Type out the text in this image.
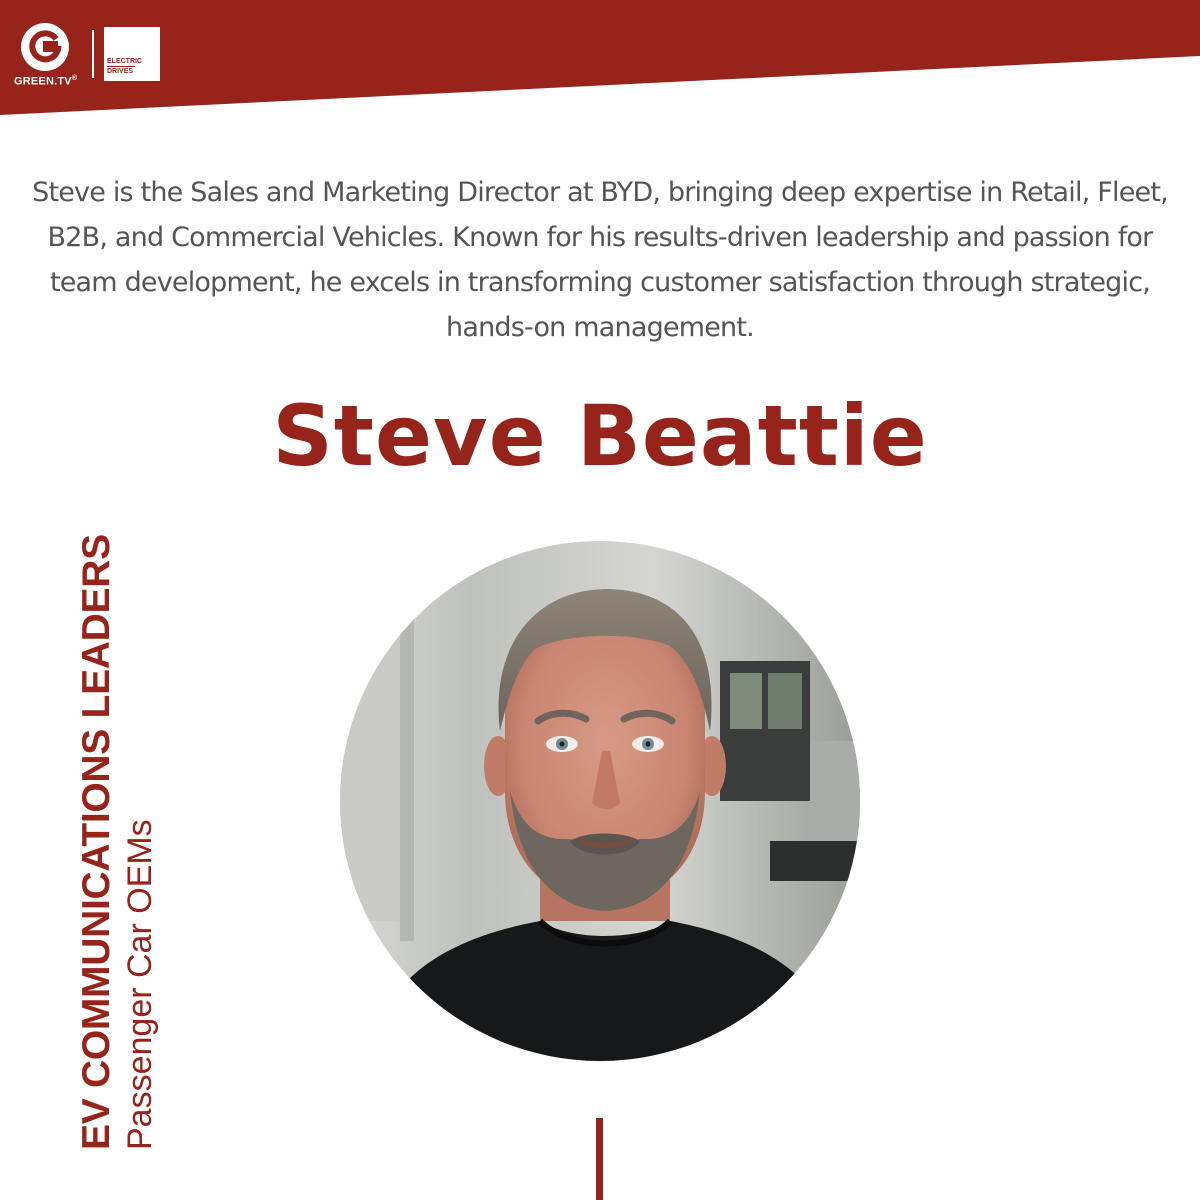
GREEN.TV®
ELECTRIC
DRIVES

Steve is the Sales and Marketing Director at BYD, bringing deep expertise in Retail, Fleet, B2B, and Commercial Vehicles. Known for his results-driven leadership and passion for team development, he excels in transforming customer satisfaction through strategic, hands-on management.

Steve Beattie
EV COMMUNICATIONS LEADERS Passenger Car OEMs
